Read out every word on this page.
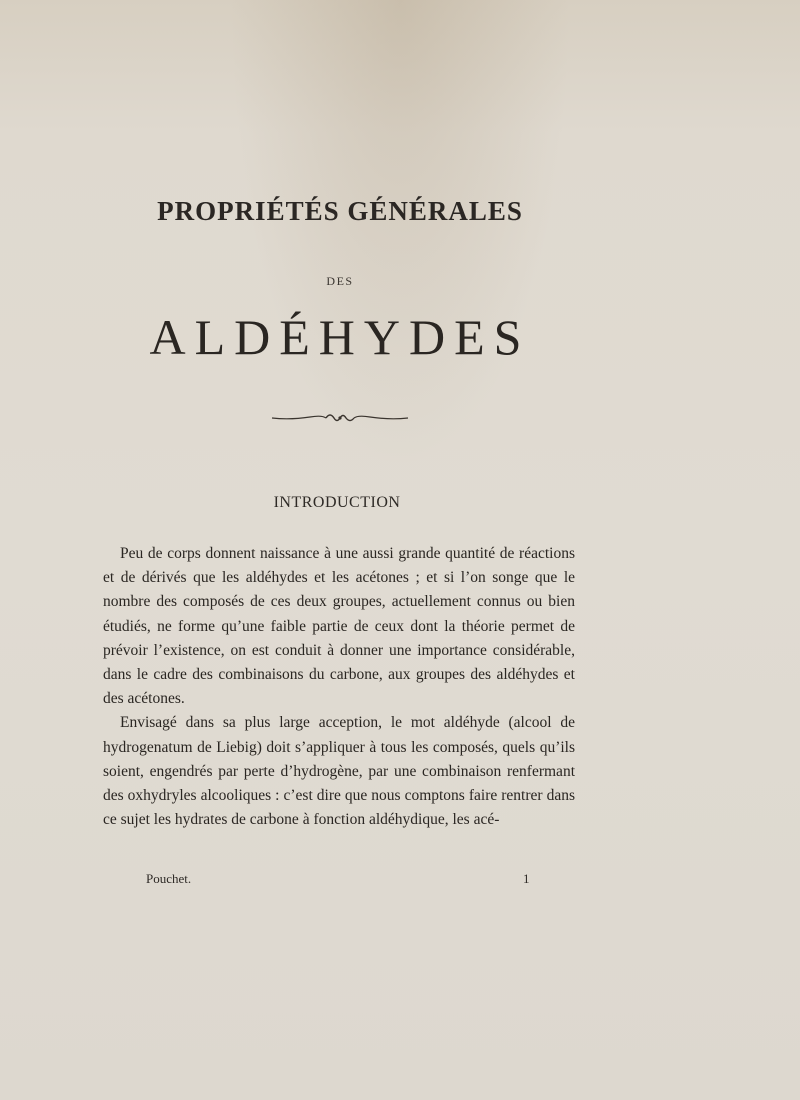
PROPRIÉTÉS GÉNÉRALES
DES
ALDÉHYDES
INTRODUCTION

Peu de corps donnent naissance à une aussi grande quantité de réactions et de dérivés que les aldéhydes et les acétones ; et si l’on songe que le nombre des composés de ces deux groupes, actuellement connus ou bien étudiés, ne forme qu’une faible partie de ceux dont la théorie permet de prévoir l’existence, on est conduit à donner une importance considérable, dans le cadre des combinaisons du carbone, aux groupes des aldéhydes et des acétones.

Envisagé dans sa plus large acception, le mot aldéhyde (alcool de hydrogenatum de Liebig) doit s’appliquer à tous les composés, quels qu’ils soient, engendrés par perte d’hydrogène, par une combinaison renfermant des oxhydryles alcooliques : c’est dire que nous comptons faire rentrer dans ce sujet les hydrates de carbone à fonction aldéhydique, les acé-

Pouchet.	1
